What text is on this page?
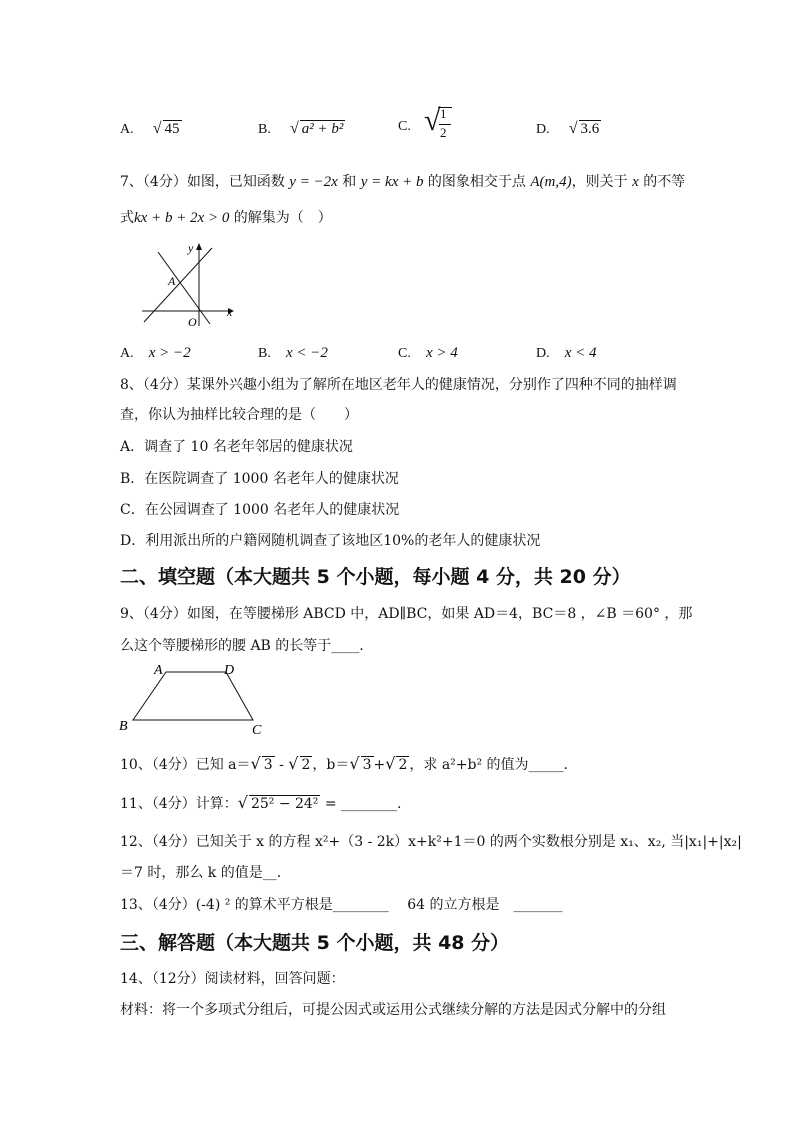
A. √ 45	B. √ a² + b²	C. √ 1
2	D. √ 3.6
7、（4分）如图，已知函数 y = −2x 和 y = kx + b 的图象相交于点 A(m,4)，则关于 x 的不等
式kx + b + 2x > 0 的解集为（　）
y
x
A
O
A. x > −2	B. x < −2	C. x > 4	D. x < 4
8、（4分）某课外兴趣小组为了解所在地区老年人的健康情况，分别作了四种不同的抽样调
查，你认为抽样比较合理的是（　　）
A．调查了 10 名老年邻居的健康状况
B．在医院调查了 1000 名老年人的健康状况
C．在公园调查了 1000 名老年人的健康状况
D．利用派出所的户籍网随机调查了该地区10%的老年人的健康状况
二、填空题（本大题共 5 个小题，每小题 4 分，共 20 分）
9、（4分）如图，在等腰梯形 ABCD 中，AD∥BC，如果 AD＝4，BC＝8 ，∠B ＝60° ，那
么这个等腰梯形的腰 AB 的长等于____.
A	D
B	C
10、（4分）已知 a＝√ 3 - √ 2 ，b＝√ 3 +√ 2 ，求 a²+b² 的值为_____.
11、（4分）计算：√ 25² − 24² = ________.
12、（4分）已知关于 x 的方程 x²+（3 - 2k）x+k²+1＝0 的两个实数根分别是 x₁、x₂, 当|x₁|+|x₂|
＝7 时，那么 k 的值是__.
13、（4分）(-4) ² 的算术平方根是________　 64 的立方根是　_______
三、解答题（本大题共 5 个小题，共 48 分）
14、（12分）阅读材料，回答问题：
材料：将一个多项式分组后，可提公因式或运用公式继续分解的方法是因式分解中的分组
